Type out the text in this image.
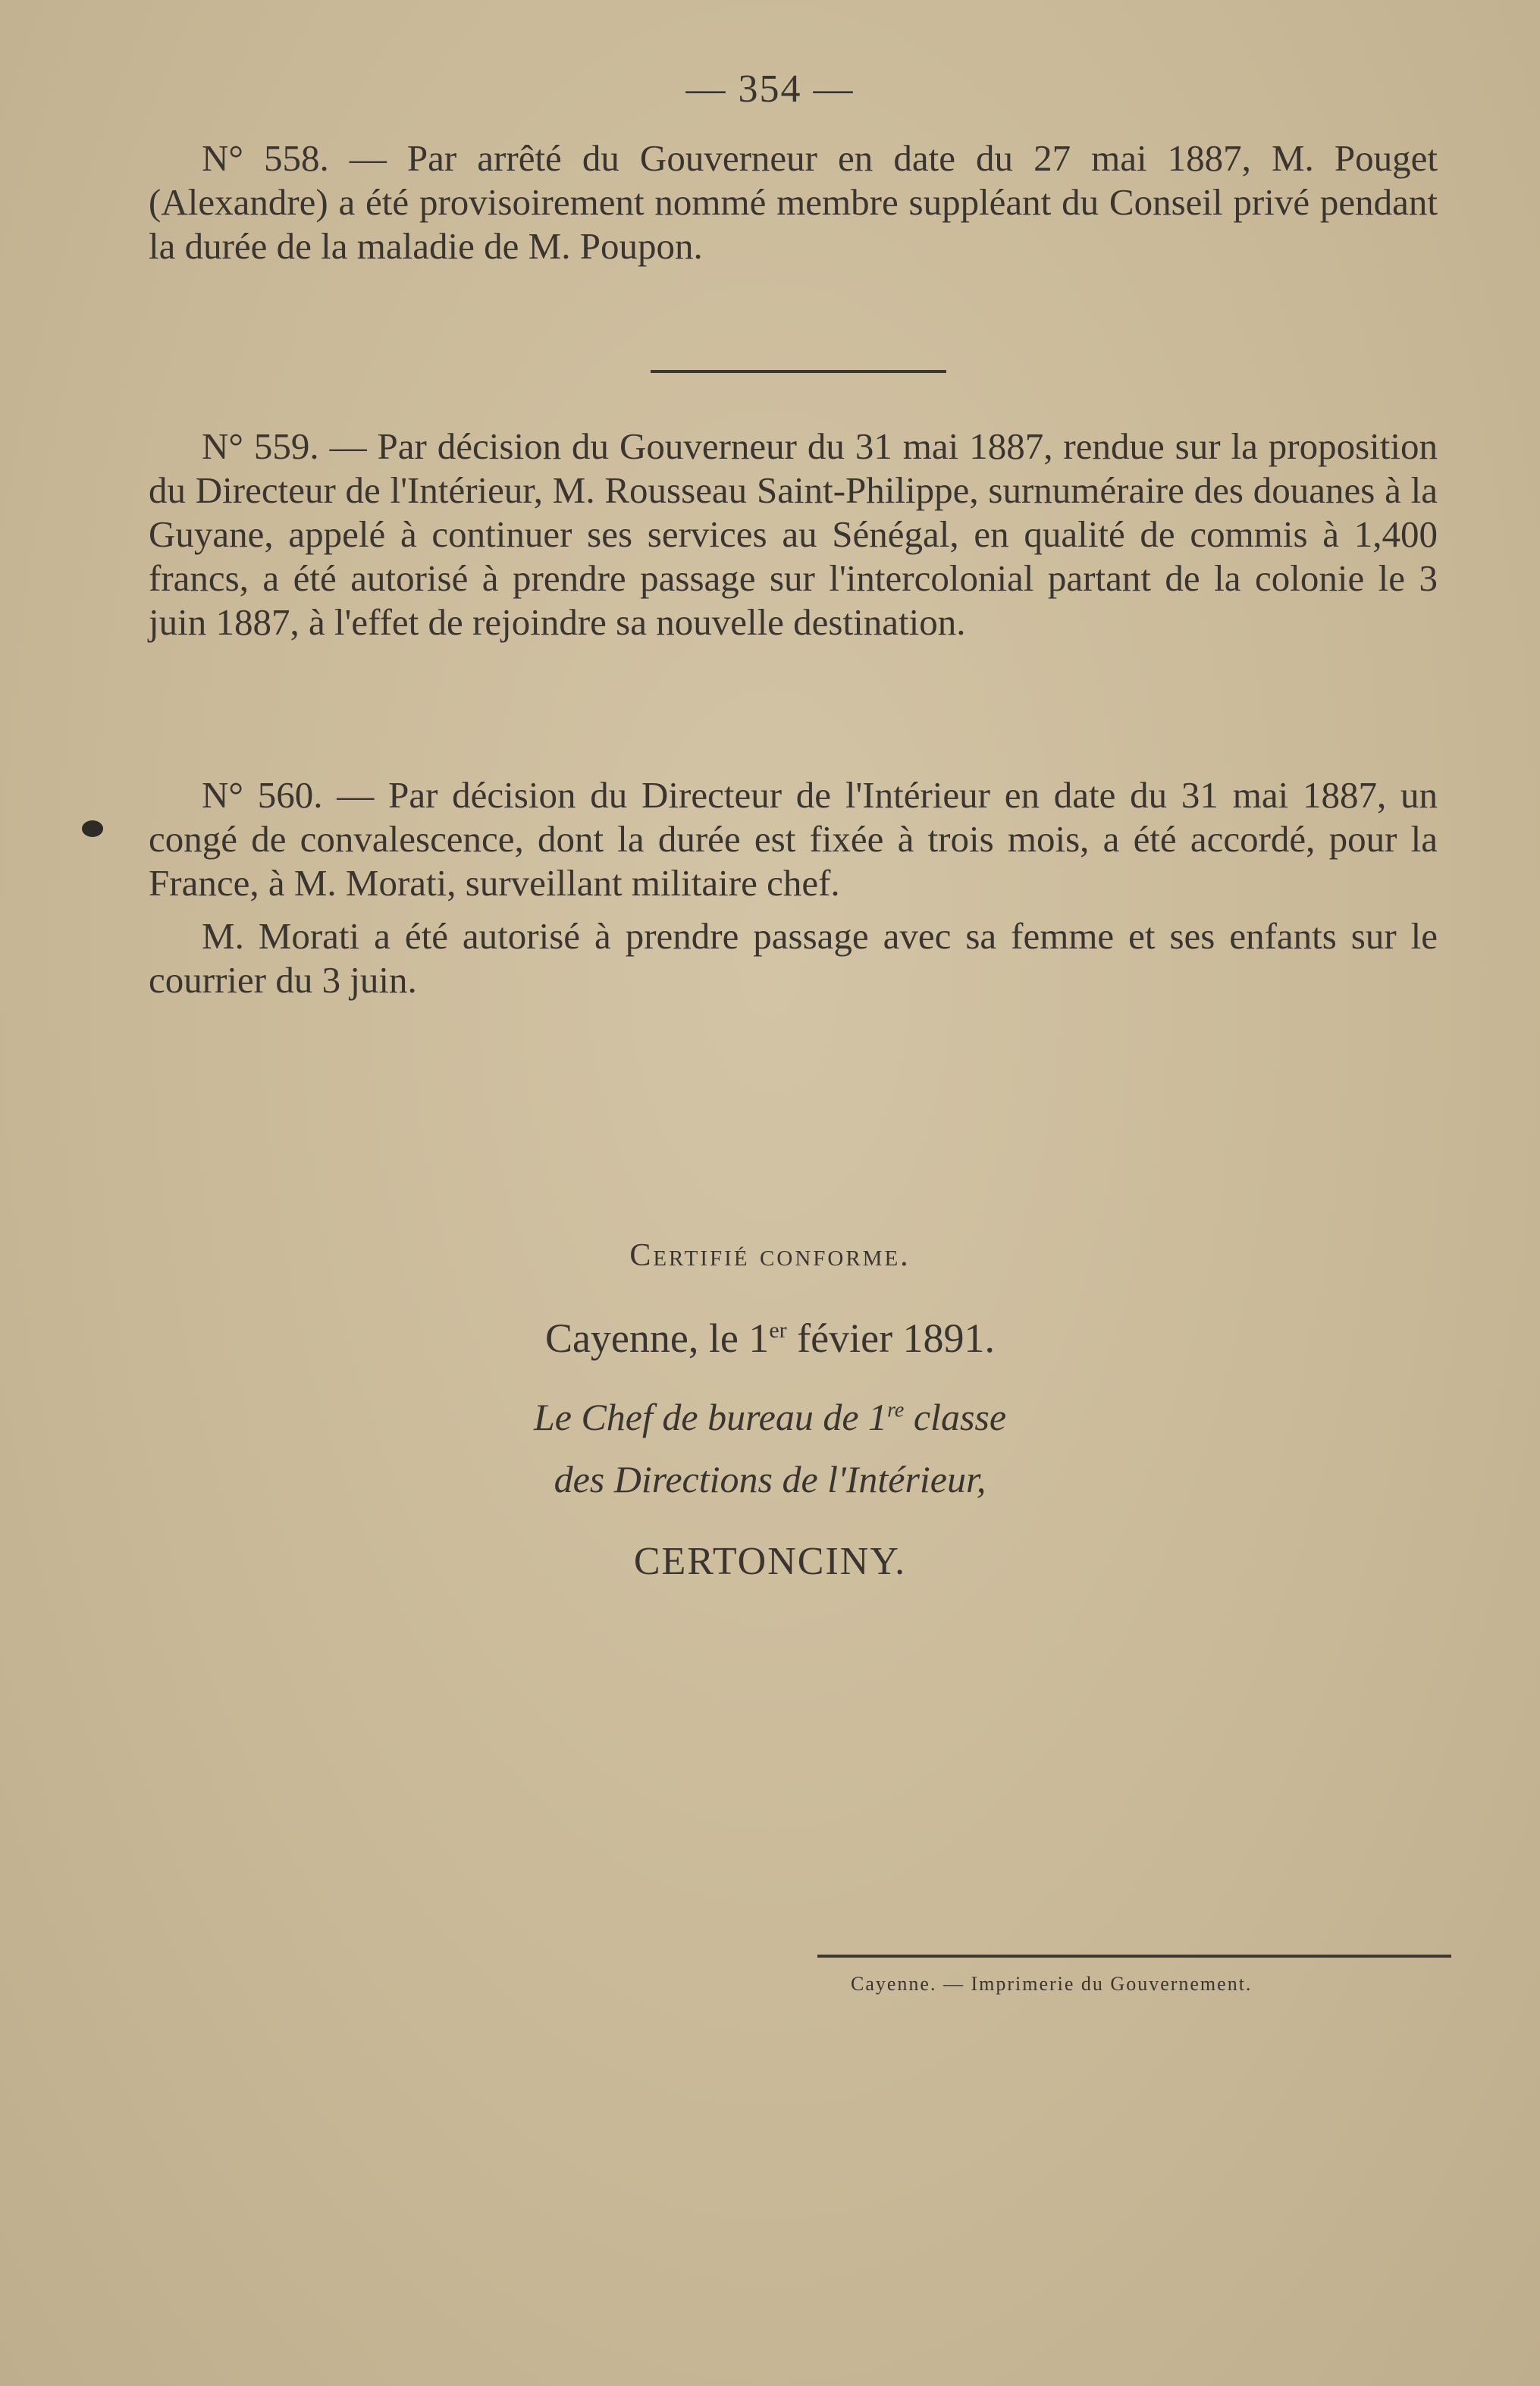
— 354 —

N° 558. — Par arrêté du Gouverneur en date du 27 mai 1887, M. Pouget (Alexandre) a été provisoirement nommé membre suppléant du Conseil privé pendant la durée de la maladie de M. Poupon.

N° 559. — Par décision du Gouverneur du 31 mai 1887, rendue sur la proposition du Directeur de l'Intérieur, M. Rousseau Saint-Philippe, surnuméraire des douanes à la Guyane, appelé à continuer ses services au Sénégal, en qualité de commis à 1,400 francs, a été autorisé à prendre passage sur l'intercolonial partant de la colonie le 3 juin 1887, à l'effet de rejoindre sa nouvelle destination.

N° 560. — Par décision du Directeur de l'Intérieur en date du 31 mai 1887, un congé de convalescence, dont la durée est fixée à trois mois, a été accordé, pour la France, à M. Morati, surveillant militaire chef.

M. Morati a été autorisé à prendre passage avec sa femme et ses enfants sur le courrier du 3 juin.

Certifié conforme.
Cayenne, le 1er févier 1891.
Le Chef de bureau de 1re classe
des Directions de l'Intérieur,
CERTONCINY.
Cayenne. — Imprimerie du Gouvernement.
